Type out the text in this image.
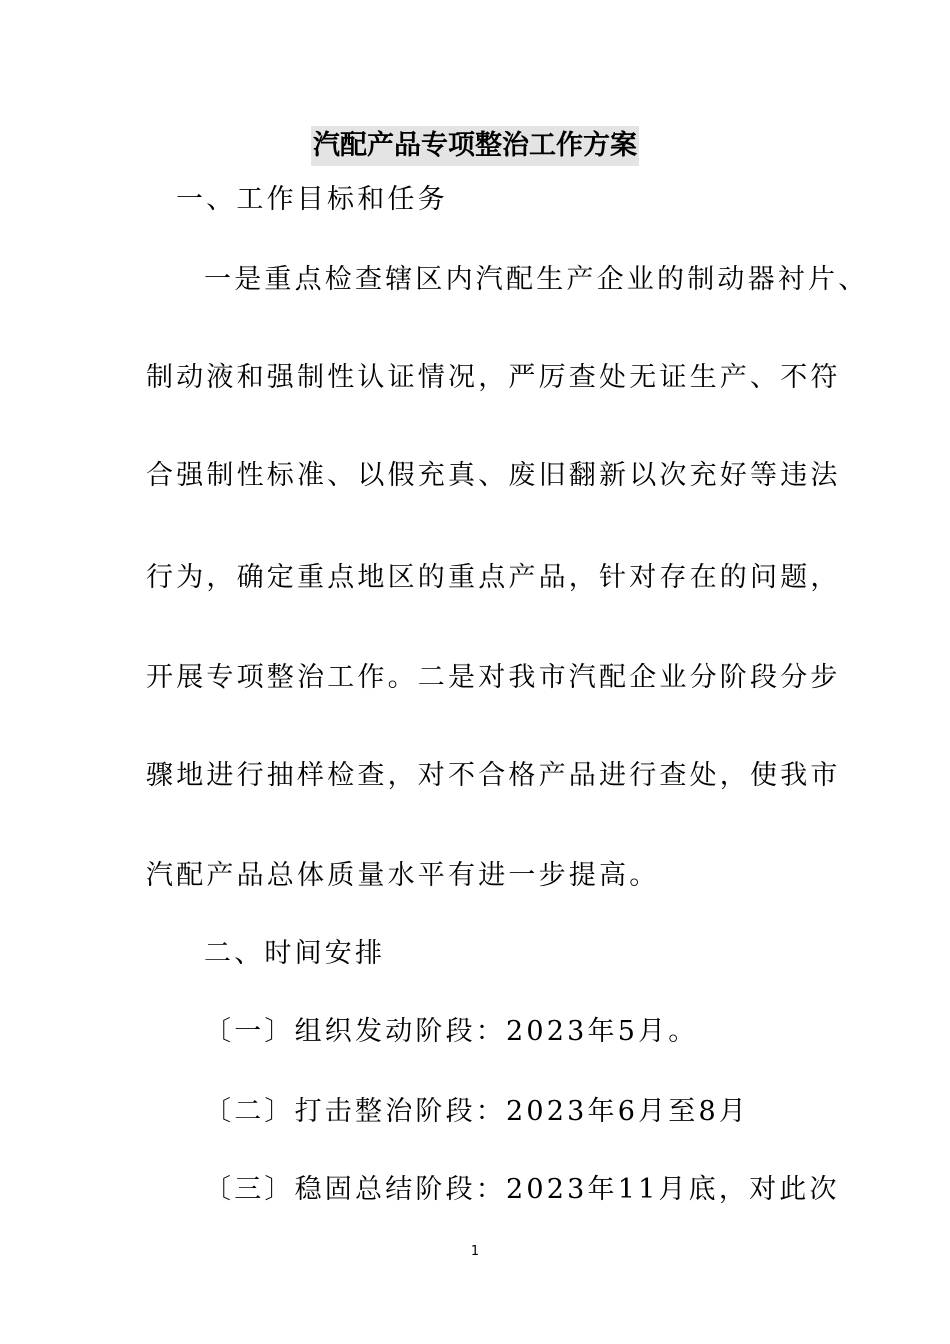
汽配产品专项整治工作方案
一、工作目标和任务
一是重点检查辖区内汽配生产企业的制动器衬片、
制动液和强制性认证情况，严厉查处无证生产、不符
合强制性标准、以假充真、废旧翻新以次充好等违法
行为，确定重点地区的重点产品，针对存在的问题，
开展专项整治工作。二是对我市汽配企业分阶段分步
骤地进行抽样检查，对不合格产品进行查处，使我市
汽配产品总体质量水平有进一步提高。
二、时间安排
〔一〕组织发动阶段：2023年5月。
〔二〕打击整治阶段：2023年6月至8月
〔三〕稳固总结阶段：2023年11月底，对此次
1
